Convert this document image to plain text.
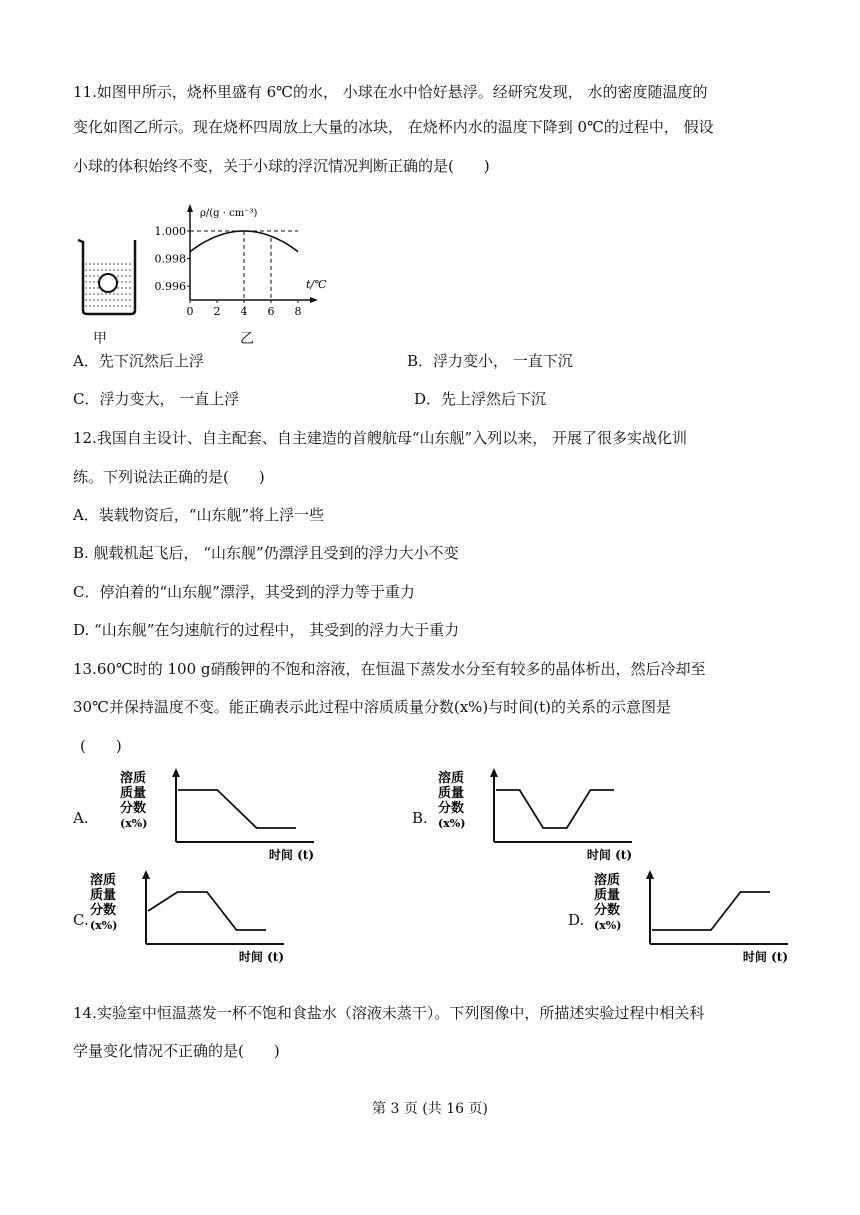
11.如图甲所示，烧杯里盛有 6℃的水， 小球在水中恰好悬浮。经研究发现， 水的密度随温度的
变化如图乙所示。现在烧杯四周放上大量的冰块， 在烧杯内水的温度下降到 0℃的过程中， 假设
小球的体积始终不变，关于小球的浮沉情况判断正确的是(　　)
甲
ρ/(g · cm⁻³)
t/℃
1.000
0.998
0.996
0 2 4 6 8
乙
A．先下沉然后上浮	B．浮力变小， 一直下沉
C．浮力变大， 一直上浮	D．先上浮然后下沉
12.我国自主设计、自主配套、自主建造的首艘航母“山东舰”入列以来， 开展了很多实战化训
练。下列说法正确的是(　　)
A．装载物资后，“山东舰”将上浮一些
B. 舰载机起飞后， “山东舰”仍漂浮且受到的浮力大小不变
C．停泊着的“山东舰”漂浮，其受到的浮力等于重力
D. “山东舰”在匀速航行的过程中， 其受到的浮力大于重力
13.60℃时的 100 g硝酸钾的不饱和溶液，在恒温下蒸发水分至有较多的晶体析出，然后冷却至
30℃并保持温度不变。能正确表示此过程中溶质质量分数(x%)与时间(t)的关系的示意图是
(　　)
A.	B.
C.	D.
溶质
质量
分数
(x%)
时间 (t)
溶质
质量
分数
(x%)
时间 (t)
溶质
质量
分数
(x%)
时间 (t)
溶质
质量
分数
(x%)
时间 (t)
14.实验室中恒温蒸发一杯不饱和食盐水（溶液未蒸干）。下列图像中，所描述实验过程中相关科
学量变化情况不正确的是(　　)
第 3 页 (共 16 页)
